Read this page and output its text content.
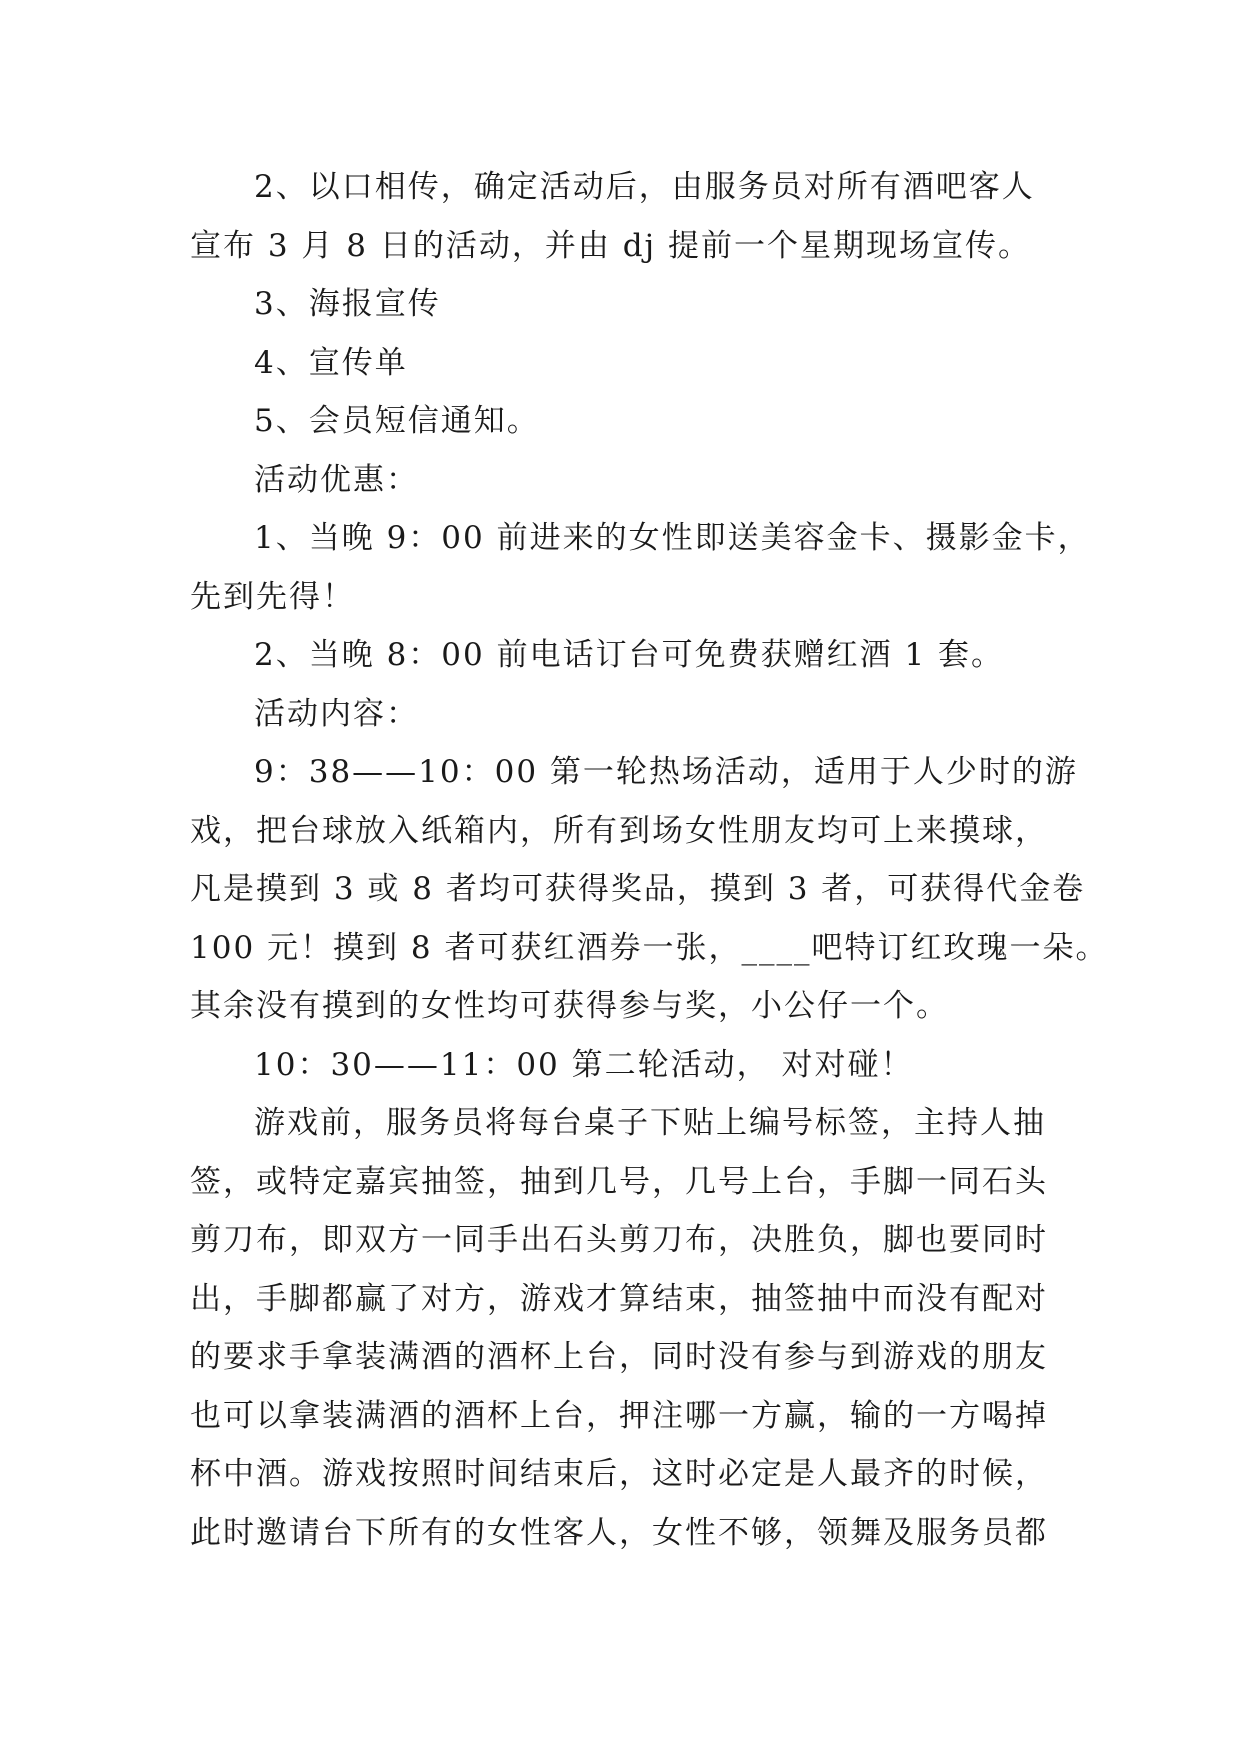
2、以口相传，确定活动后，由服务员对所有酒吧客人
宣布 3 月 8 日的活动，并由 dj 提前一个星期现场宣传。
3、海报宣传
4、宣传单
5、会员短信通知。
活动优惠：
1、当晚 9：00 前进来的女性即送美容金卡、摄影金卡，
先到先得！
2、当晚 8：00 前电话订台可免费获赠红酒 1 套。
活动内容：
9：38——10：00 第一轮热场活动，适用于人少时的游
戏，把台球放入纸箱内，所有到场女性朋友均可上来摸球，
凡是摸到 3 或 8 者均可获得奖品，摸到 3 者，可获得代金卷
100 元！摸到 8 者可获红酒券一张，____吧特订红玫瑰一朵。
其余没有摸到的女性均可获得参与奖，小公仔一个。
10：30——11：00 第二轮活动， 对对碰！
游戏前，服务员将每台桌子下贴上编号标签，主持人抽
签，或特定嘉宾抽签，抽到几号，几号上台，手脚一同石头
剪刀布，即双方一同手出石头剪刀布，决胜负，脚也要同时
出，手脚都赢了对方，游戏才算结束，抽签抽中而没有配对
的要求手拿装满酒的酒杯上台，同时没有参与到游戏的朋友
也可以拿装满酒的酒杯上台，押注哪一方赢，输的一方喝掉
杯中酒。游戏按照时间结束后，这时必定是人最齐的时候，
此时邀请台下所有的女性客人，女性不够，领舞及服务员都
